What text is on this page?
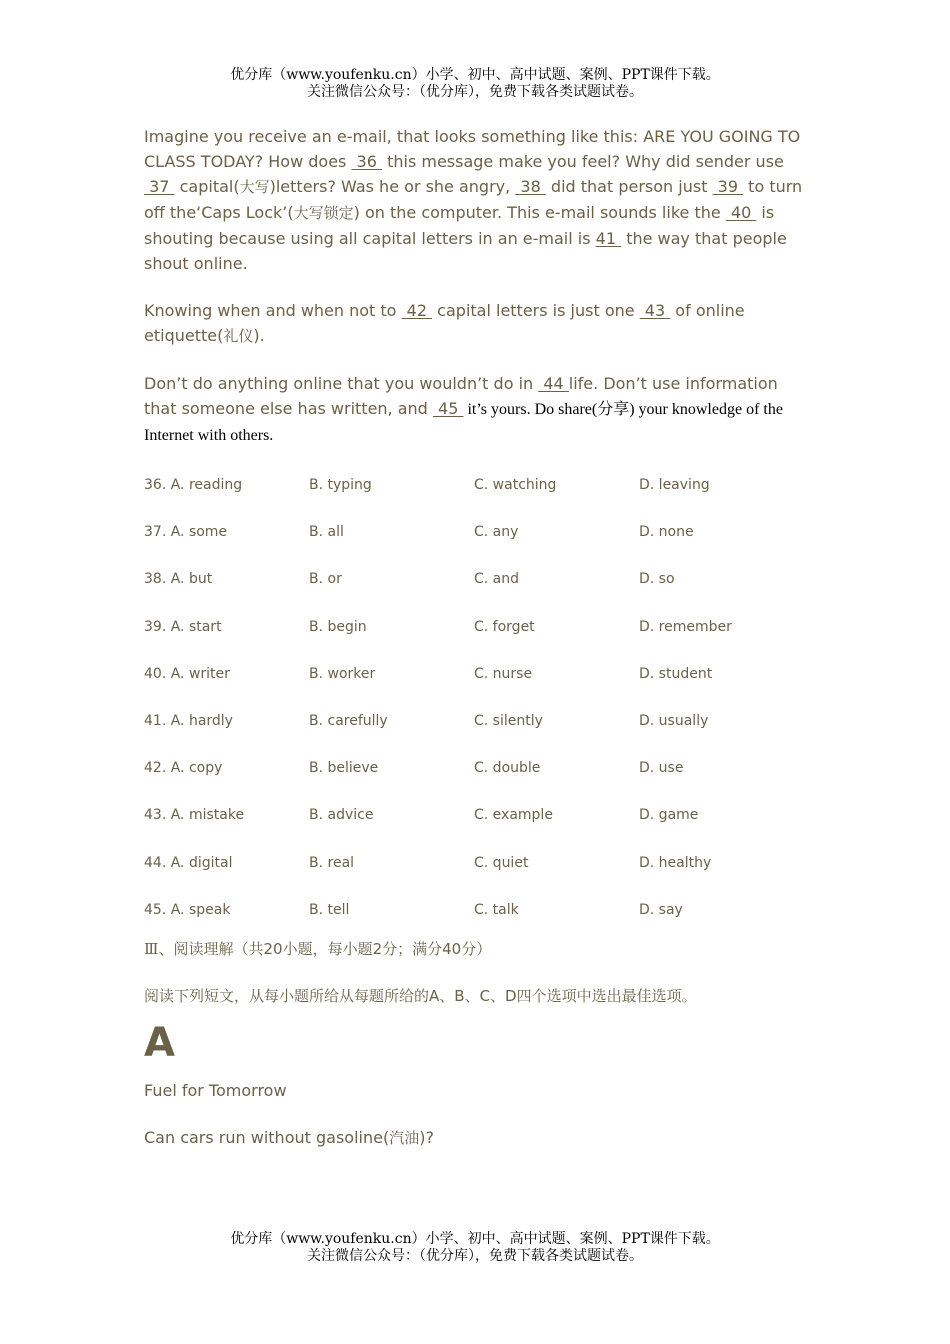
优分库（www.youfenku.cn）小学、初中、高中试题、案例、PPT课件下载。

关注微信公众号：（优分库），免费下载各类试题试卷。

Imagine you receive an e-mail, that looks something like this: ARE YOU GOING TO CLASS TODAY? How does  36  this message make you feel? Why did sender use  37  capital(大写)letters? Was he or she angry,  38  did that person just  39  to turn off the‘Caps Lock’(大写锁定) on the computer. This e-mail sounds like the  40  is shouting because using all capital letters in an e-mail is 41  the way that people shout online.

Knowing when and when not to  42  capital letters is just one  43  of online etiquette(礼仪).

Don’t do anything online that you wouldn’t do in  44 life. Don’t use information that someone else has written, and  45  it’s yours. Do share(分享) your knowledge of the Internet with others.

36. A. reading	B. typing	C. watching	D. leaving
37. A. some	B. all	C. any	D. none
38. A. but	B. or	C. and	D. so
39. A. start	B. begin	C. forget	D. remember
40. A. writer	B. worker	C. nurse	D. student
41. A. hardly	B. carefully	C. silently	D. usually
42. A. copy	B. believe	C. double	D. use
43. A. mistake	B. advice	C. example	D. game
44. A. digital	B. real	C. quiet	D. healthy
45. A. speak	B. tell	C. talk	D. say

Ⅲ、阅读理解（共20小题，每小题2分；满分40分）

阅读下列短文，从每小题所给从每题所给的A、B、C、D四个选项中选出最佳选项。

A

Fuel for Tomorrow

Can cars run without gasoline(汽油)?

优分库（www.youfenku.cn）小学、初中、高中试题、案例、PPT课件下载。

关注微信公众号：（优分库），免费下载各类试题试卷。
